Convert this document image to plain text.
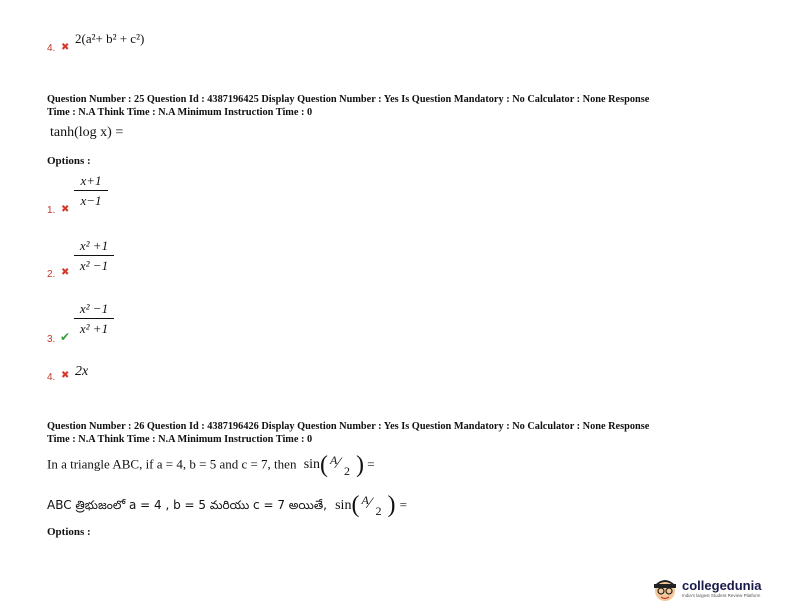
4. ✖
2(a²+ b² + c²)
Question Number : 25 Question Id : 4387196425 Display Question Number : Yes Is Question Mandatory : No Calculator : None Response
Time : N.A Think Time : N.A Minimum Instruction Time : 0
tanh(log x) =
Options :
1. ✖
x+1
x−1
2. ✖
x² +1
x² −1
3. ✔
x² −1
x² +1
4. ✖ 2x
Question Number : 26 Question Id : 4387196426 Display Question Number : Yes Is Question Mandatory : No Calculator : None Response
Time : N.A Think Time : N.A Minimum Instruction Time : 0
In a triangle ABC, if a = 4, b = 5 and c = 7, then sin( A ⁄ 2 ) =
ABC త్రిభుజంలో a = 4 , b = 5 మరియు c = 7 అయితే, sin( A ⁄ 2 ) =
Options :
collegedunia
India's largest Student Review Platform
